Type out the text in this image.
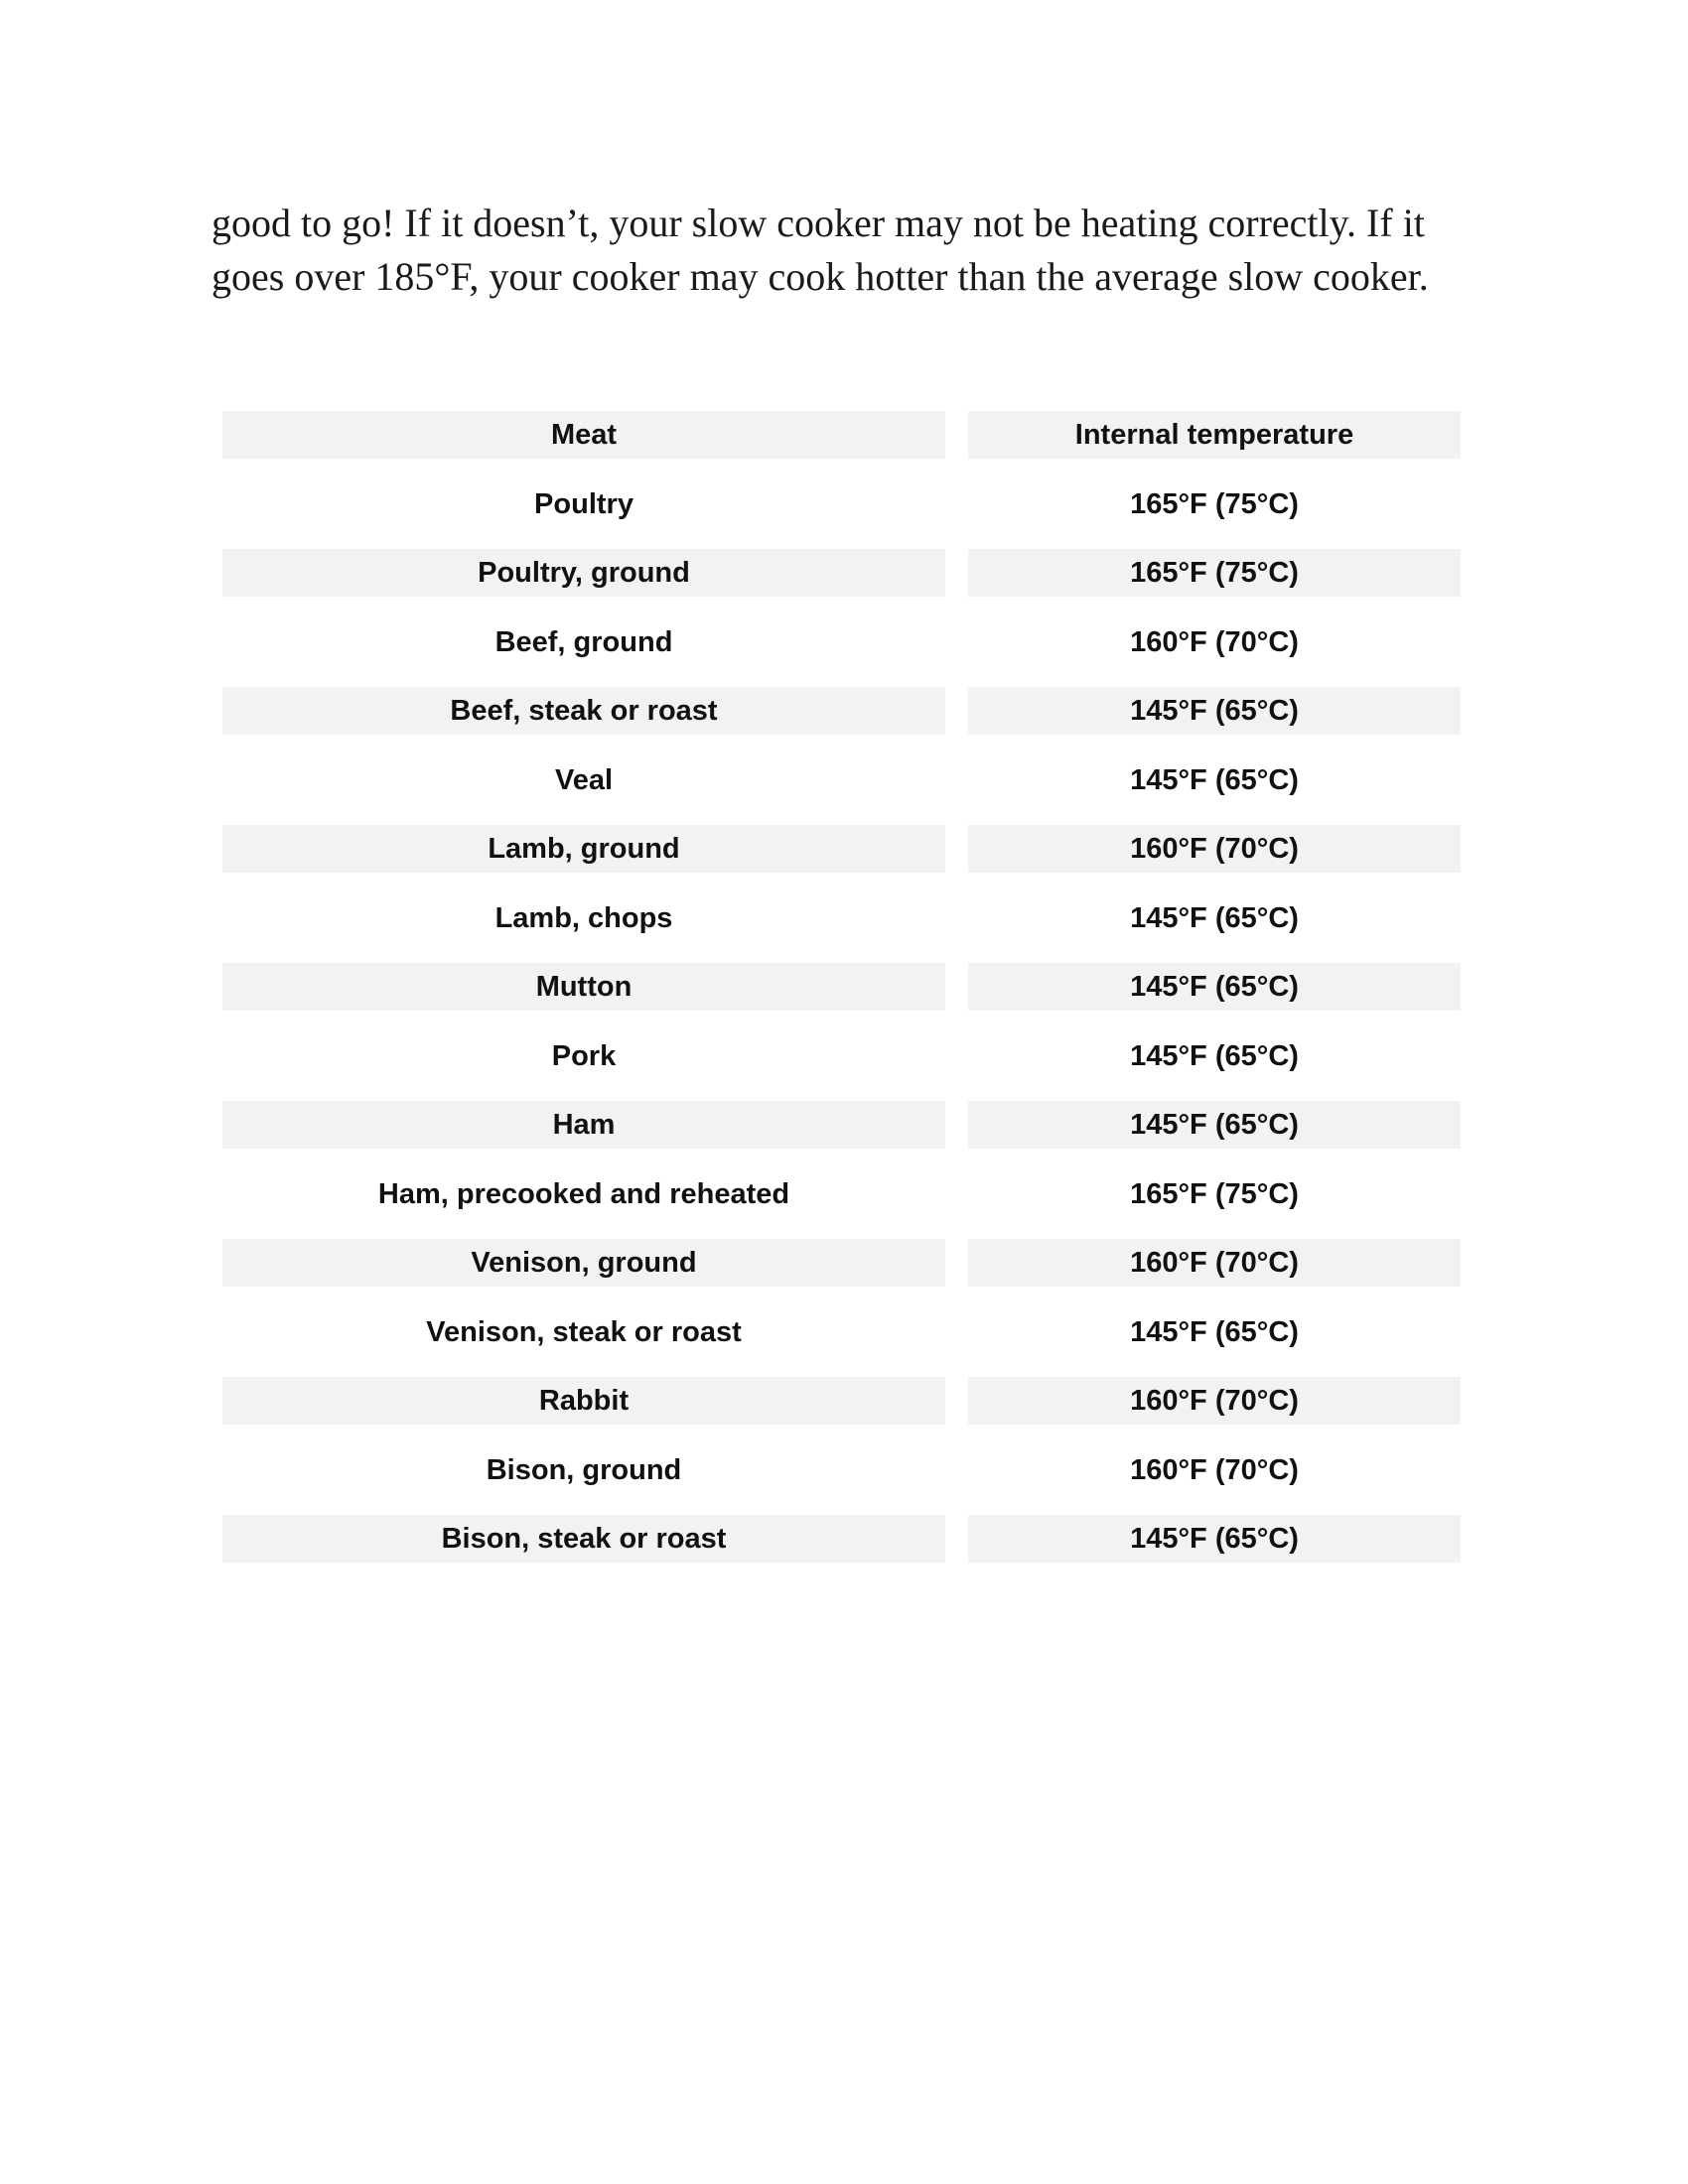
good to go! If it doesn’t, your slow cooker may not be heating correctly. If it goes over 185°F, your cooker may cook hotter than the average slow cooker.

Meat	Internal temperature
Poultry	165°F (75°C)
Poultry, ground	165°F (75°C)
Beef, ground	160°F (70°C)
Beef, steak or roast	145°F (65°C)
Veal	145°F (65°C)
Lamb, ground	160°F (70°C)
Lamb, chops	145°F (65°C)
Mutton	145°F (65°C)
Pork	145°F (65°C)
Ham	145°F (65°C)
Ham, precooked and reheated	165°F (75°C)
Venison, ground	160°F (70°C)
Venison, steak or roast	145°F (65°C)
Rabbit	160°F (70°C)
Bison, ground	160°F (70°C)
Bison, steak or roast	145°F (65°C)
